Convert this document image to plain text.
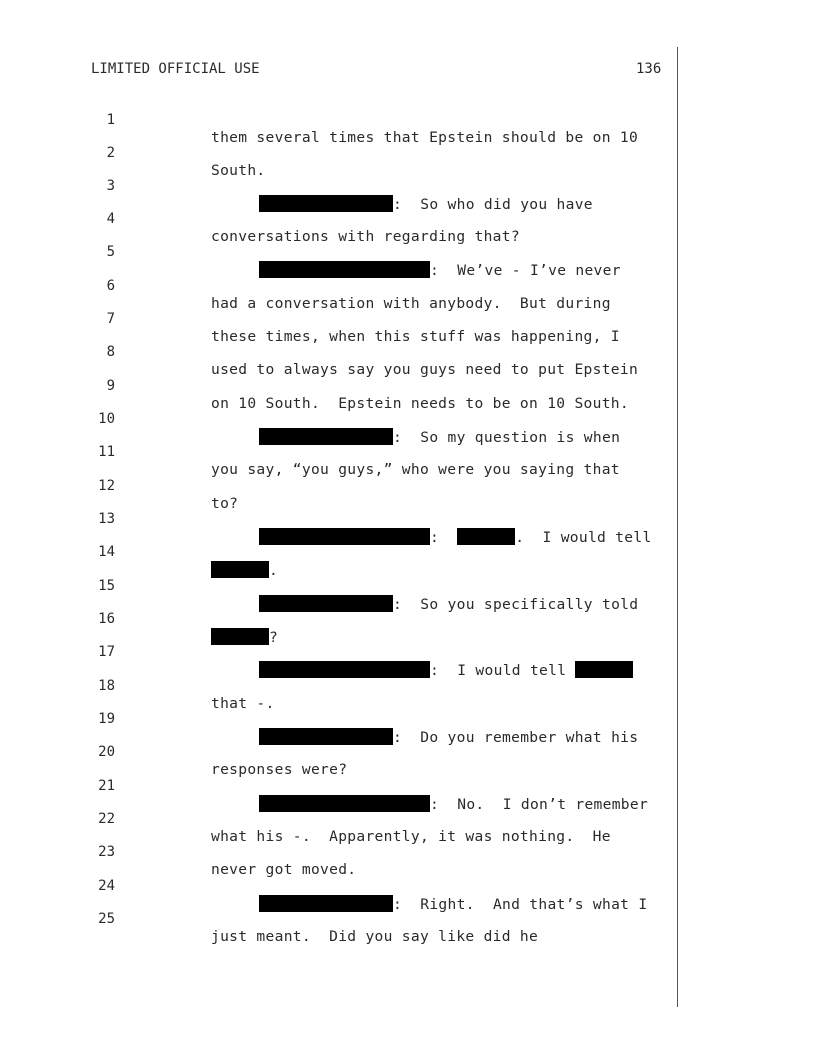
LIMITED OFFICIAL USE	136

1

them several times that Epstein should be on 10

2

South.

3

:  So who did you have

4

conversations with regarding that?

5

:  We’ve - I’ve never

6

had a conversation with anybody.  But during

7

these times, when this stuff was happening, I

8

used to always say you guys need to put Epstein

9

on 10 South.  Epstein needs to be on 10 South.

10

:  So my question is when

11

you say, “you guys,” who were you saying that

12

to?

13

:	.  I would tell

14

.

15

:  So you specifically told

16

?

17

:  I would tell

18

that -.

19

:  Do you remember what his

20

responses were?

21

:  No.  I don’t remember

22

what his -.  Apparently, it was nothing.  He

23

never got moved.

24

:  Right.  And that’s what I

25

just meant.  Did you say like did he
